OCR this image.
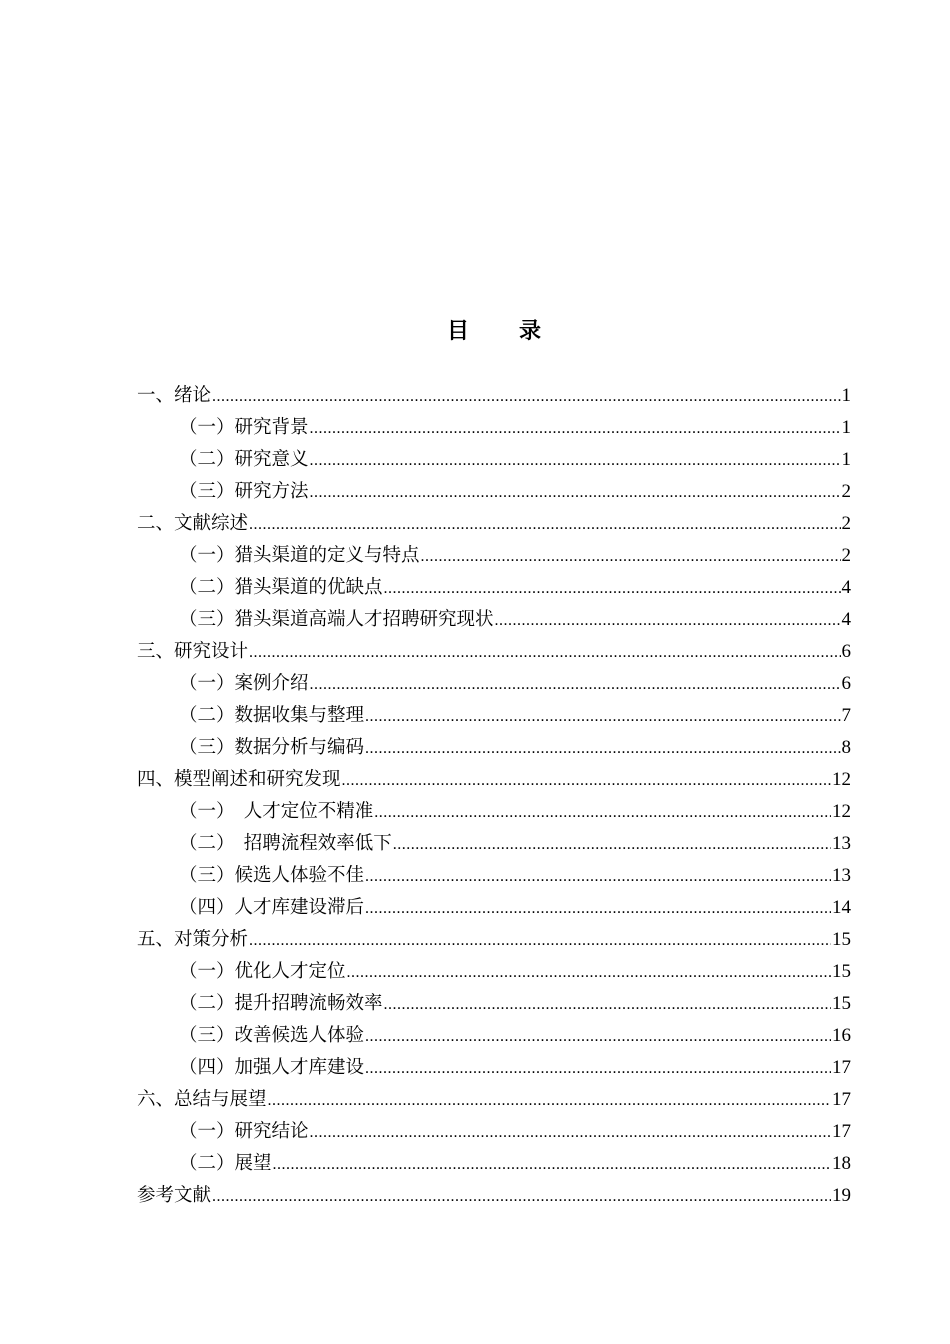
目　　录
一、绪论 .....	1
（一）研究背景 .....	1
（二）研究意义 .....	1
（三）研究方法 .....	2
二、文献综述 .....	2
（一）猎头渠道的定义与特点 .....	2
（二）猎头渠道的优缺点 .....	4
（三）猎头渠道高端人才招聘研究现状 .....	4
三、研究设计 .....	6
（一）案例介绍 .....	6
（二）数据收集与整理 .....	7
（三）数据分析与编码 .....	8
四、模型阐述和研究发现 .....	12
（一）　人才定位不精准 .....	12
（二）　招聘流程效率低下 .....	13
（三）候选人体验不佳 .....	13
（四）人才库建设滞后 .....	14
五、对策分析 .....	15
（一）优化人才定位 .....	15
（二）提升招聘流畅效率 .....	15
（三）改善候选人体验 .....	16
（四）加强人才库建设 .....	17
六、总结与展望 .....	17
（一）研究结论 .....	17
（二）展望 .....	18
参考文献 .....	19
